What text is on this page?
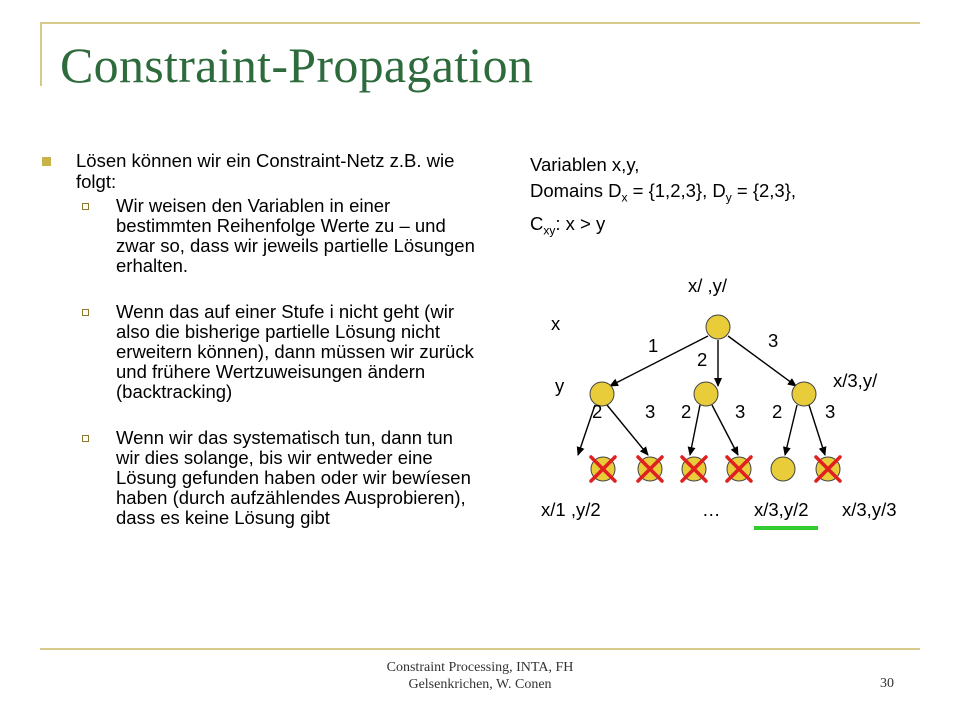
Constraint-Propagation
Lösen können wir ein Constraint-Netz z.B. wie folgt:
Wir weisen den Variablen in einer bestimmten Reihenfolge Werte zu – und zwar so, dass wir jeweils partielle Lösungen erhalten.
Wenn das auf einer Stufe i nicht geht (wir also die bisherige partielle Lösung nicht erweitern können), dann müssen wir zurück und frühere Wertzuweisungen ändern (backtracking)
Wenn wir das systematisch tun, dann tun wir dies solange, bis wir entweder eine Lösung gefunden haben oder wir bewíesen haben (durch aufzählendes Ausprobieren), dass es keine Lösung gibt
Variablen x,y,
Domains $D_x = \{1,2,3\}$, $D_y = \{2,3\}$,
$C_{xy}$: x > y
x/ ,y/
x
y	x/3,y/
1
2
3
2 3 2 3 2 3
x/1 ,y/2	… x/3,y/2 x/3,y/3
Constraint Processing, INTA, FH
Gelsenkrichen, W. Conen	30
